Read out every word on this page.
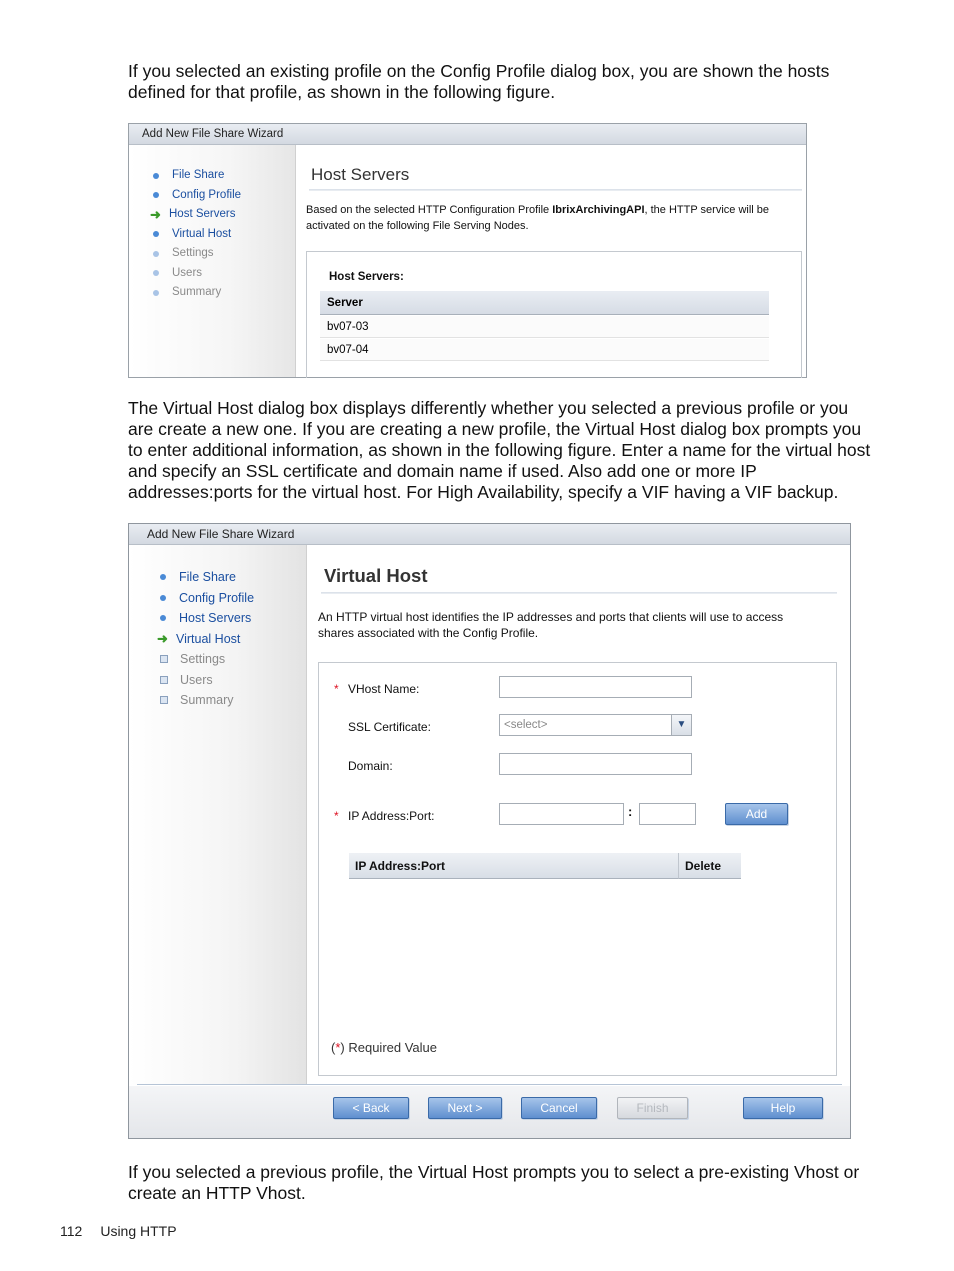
If you selected an existing profile on the Config Profile dialog box, you are shown the hosts defined for that profile, as shown in the following figure.
Add New File Share Wizard
File Share
Config Profile
➜ Host Servers
Virtual Host
Settings
Users
Summary
Host Servers
Based on the selected HTTP Configuration Profile IbrixArchivingAPI, the HTTP service will be activated on the following File Serving Nodes.
Host Servers:
Server
bv07-03
bv07-04
The Virtual Host dialog box displays differently whether you selected a previous profile or you are create a new one. If you are creating a new profile, the Virtual Host dialog box prompts you to enter additional information, as shown in the following figure. Enter a name for the virtual host and specify an SSL certificate and domain name if used. Also add one or more IP addresses:ports for the virtual host. For High Availability, specify a VIF having a VIF backup.
Add New File Share Wizard
File Share
Config Profile
Host Servers
➜ Virtual Host
Settings
Users
Summary
Virtual Host
An HTTP virtual host identifies the IP addresses and ports that clients will use to access shares associated with the Config Profile.
* VHost Name:
SSL Certificate:	<select>	▼
Domain:
* IP Address:Port:	:	Add
IP Address:Port	Delete
(*) Required Value
< Back	Next >	Cancel	Finish	Help
If you selected a previous profile, the Virtual Host prompts you to select a pre-existing Vhost or create an HTTP Vhost.
112 Using HTTP
